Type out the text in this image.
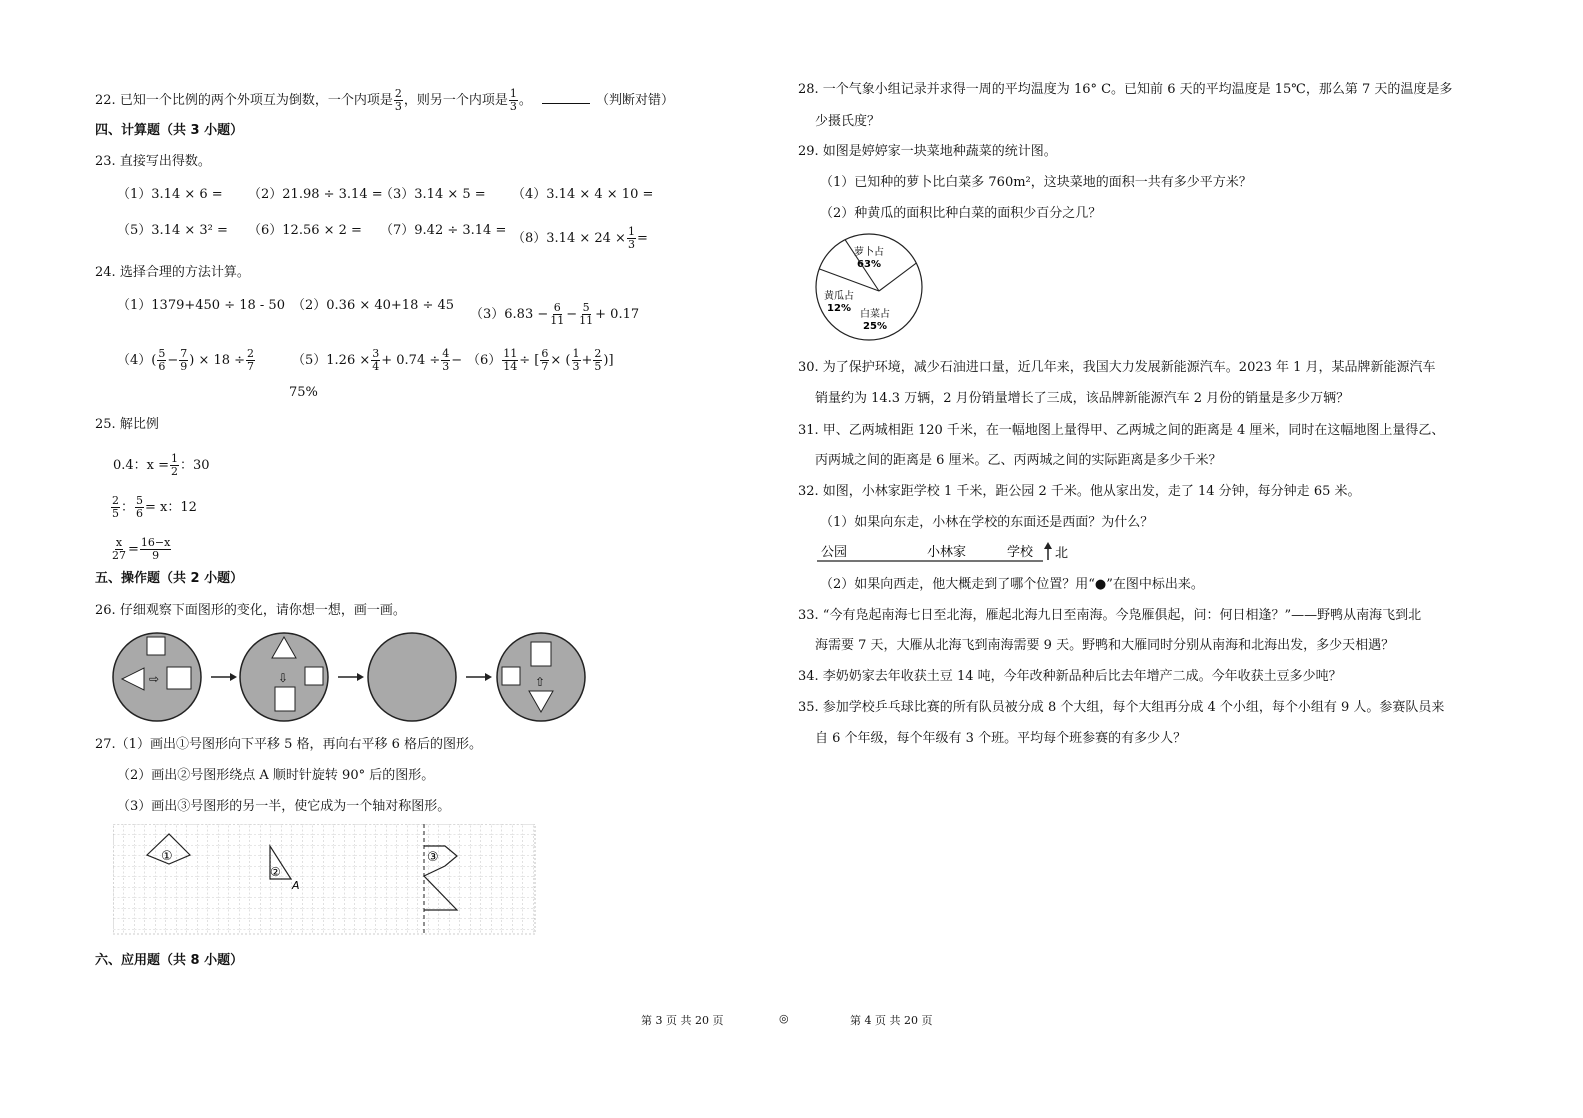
22. 已知一个比例的两个外项互为倒数，一个内项是 $\frac{2}{3}$ ，则另一个内项是 $\frac{1}{3}$ 。	（判断对错）
四、计算题（共 3 小题）
23. 直接写出得数。
（1）3.14 × 6 = （2）21.98 ÷ 3.14 =
（3）3.14 × 5 = （4）3.14 × 4 × 10 =
（5）3.14 × 3² = （6）12.56 × 2 = （7）9.42 ÷ 3.14 =
$(8)3.14 \times 24 \times \frac{1}{3}$ =
24. 选择合理的方法计算。
（1）1379+450 ÷ 18 - 50 （2）0.36 × 40+18 ÷ 45
$(3)6.83 - \frac{6}{11} - \frac{5}{11} + 0.17$
$(4)( \frac{5}{6} - \frac{7}{9}$ ) × $18 \div \frac{2}{7}$	$(5)1.26 \times \frac{3}{4} + 0.74 \div \frac{4}{3} - (6) \frac{11}{14}$ ÷ [ $\frac{6}{7}$ × ( $\frac{1}{3} + \frac{2}{5}$ )]
75%
25. 解比例
0.4：$x = \frac{1}{2}$ ：30
$\frac{2}{5}$ ： $\frac{5}{6} = x$：12
$\frac{x}{27} = \frac{16-x}{9}$
五、操作题（共 2 小题）
26. 仔细观察下面图形的变化，请你想一想，画一画。
⇨	⇩	⇧
27.（1）画出①号图形向下平移 5 格，再向右平移 6 格后的图形。
（2）画出②号图形绕点 A 顺时针旋转 90° 后的图形。
（3）画出③号图形的另一半，使它成为一个轴对称图形。
①
②
A
③
六、应用题（共 8 小题）
第 3 页 共 20 页	◎
28. 一个气象小组记录并求得一周的平均温度为 16° C。已知前 6 天的平均温度是 15℃，那么第 7 天的温度是多
少摄氏度？
29. 如图是婷婷家一块菜地种蔬菜的统计图。
（1）已知种的萝卜比白菜多 760m²，这块菜地的面积一共有多少平方米？
（2）种黄瓜的面积比种白菜的面积少百分之几？
萝卜占
63%
白菜占
25%
黄瓜占
12%
30. 为了保护环境，减少石油进口量，近几年来，我国大力发展新能源汽车。2023 年 1 月，某品牌新能源汽车
销量约为 14.3 万辆，2 月份销量增长了三成，该品牌新能源汽车 2 月份的销量是多少万辆？
31. 甲、乙两城相距 120 千米，在一幅地图上量得甲、乙两城之间的距离是 4 厘米，同时在这幅地图上量得乙、
丙两城之间的距离是 6 厘米。乙、丙两城之间的实际距离是多少千米？
32. 如图，小林家距学校 1 千米，距公园 2 千米。他从家出发，走了 14 分钟，每分钟走 65 米。
（1）如果向东走，小林在学校的东面还是西面？为什么？
公园	小林家	学校 北
（2）如果向西走，他大概走到了哪个位置？用“●”在图中标出来。
33. “今有凫起南海七日至北海，雁起北海九日至南海。今凫雁俱起，问：何日相逢？”——野鸭从南海飞到北
海需要 7 天，大雁从北海飞到南海需要 9 天。野鸭和大雁同时分别从南海和北海出发，多少天相遇？
34. 李奶奶家去年收获土豆 14 吨，今年改种新品种后比去年增产二成。今年收获土豆多少吨？
35. 参加学校乒乓球比赛的所有队员被分成 8 个大组，每个大组再分成 4 个小组，每个小组有 9 人。参赛队员来
自 6 个年级，每个年级有 3 个班。平均每个班参赛的有多少人？
第 4 页 共 20 页
